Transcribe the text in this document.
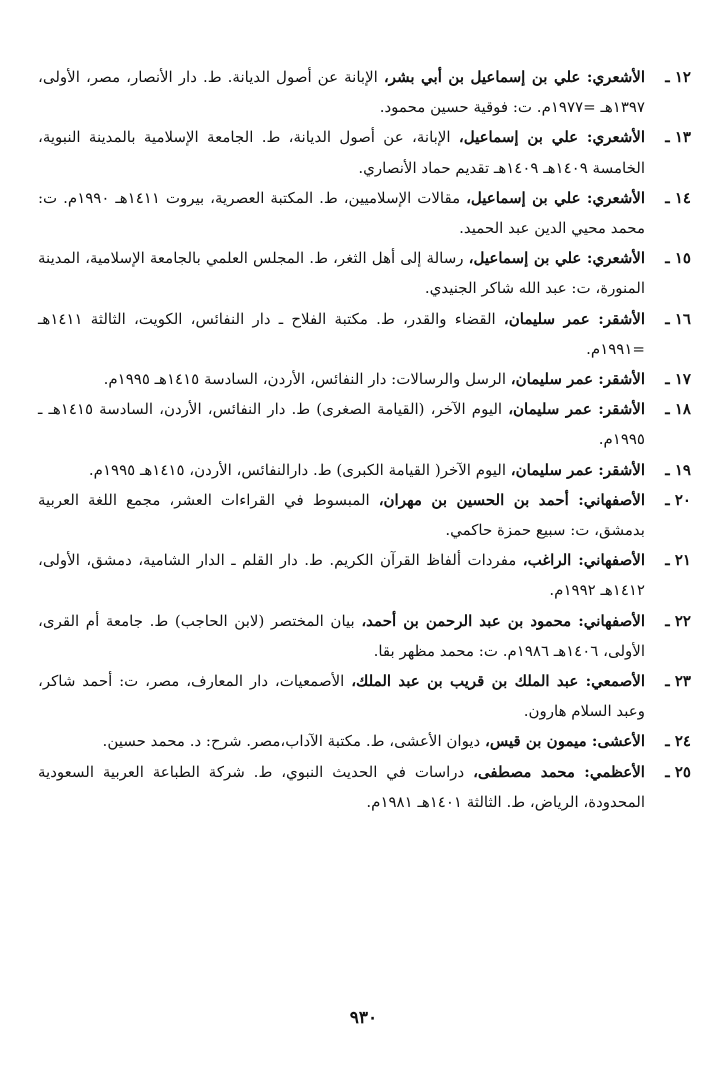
١٢ ـ
الأشعري: علي بن إسماعيل بن أبي بشر، الإبانة عن أصول الديانة. ط. دار الأنصار، مصر، الأولى، ١٣٩٧هـ =١٩٧٧م. ت: فوقية حسين محمود.
١٣ ـ
الأشعري: علي بن إسماعيل، الإبانة، عن أصول الديانة، ط. الجامعة الإسلامية بالمدينة النبوية، الخامسة ١٤٠٩هـ ١٤٠٩هـ تقديم حماد الأنصاري.
١٤ ـ
الأشعري: علي بن إسماعيل، مقالات الإسلاميين، ط. المكتبة العصرية، بيروت ١٤١١هـ ١٩٩٠م. ت: محمد محيي الدين عبد الحميد.
١٥ ـ
الأشعري: علي بن إسماعيل، رسالة إلى أهل الثغر، ط. المجلس العلمي بالجامعة الإسلامية، المدينة المنورة، ت: عبد الله شاكر الجنيدي.
١٦ ـ
الأشقر: عمر سليمان، القضاء والقدر، ط. مكتبة الفلاح ـ دار النفائس، الكويت، الثالثة ١٤١١هـ =١٩٩١م.
١٧ ـ
الأشقر: عمر سليمان، الرسل والرسالات: دار النفائس، الأردن، السادسة ١٤١٥هـ ١٩٩٥م.
١٨ ـ
الأشقر: عمر سليمان، اليوم الآخر، (القيامة الصغرى) ط. دار النفائس، الأردن، السادسة ١٤١٥هـ ـ ١٩٩٥م.
١٩ ـ
الأشقر: عمر سليمان، اليوم الآخر( القيامة الكبرى) ط. دارالنفائس، الأردن، ١٤١٥هـ ١٩٩٥م.
٢٠ ـ
الأصفهاني: أحمد بن الحسين بن مهران، المبسوط في القراءات العشر، مجمع اللغة العربية بدمشق، ت: سبيع حمزة حاكمي.
٢١ ـ
الأصفهاني: الراغب، مفردات ألفاظ القرآن الكريم. ط. دار القلم ـ الدار الشامية، دمشق، الأولى، ١٤١٢هـ ١٩٩٢م.
٢٢ ـ
الأصفهاني: محمود بن عبد الرحمن بن أحمد، بيان المختصر (لابن الحاجب) ط. جامعة أم القرى، الأولى، ١٤٠٦هـ ١٩٨٦م. ت: محمد مظهر بقا.
٢٣ ـ
الأصمعي: عبد الملك بن قريب بن عبد الملك، الأصمعيات، دار المعارف، مصر، ت: أحمد شاكر، وعبد السلام هارون.
٢٤ ـ
الأعشى: ميمون بن قيس، ديوان الأعشى، ط. مكتبة الآداب،مصر. شرح: د. محمد حسين.
٢٥ ـ
الأعظمي: محمد مصطفى، دراسات في الحديث النبوي، ط. شركة الطباعة العربية السعودية المحدودة، الرياض، ط. الثالثة ١٤٠١هـ ١٩٨١م.
٩٣٠
